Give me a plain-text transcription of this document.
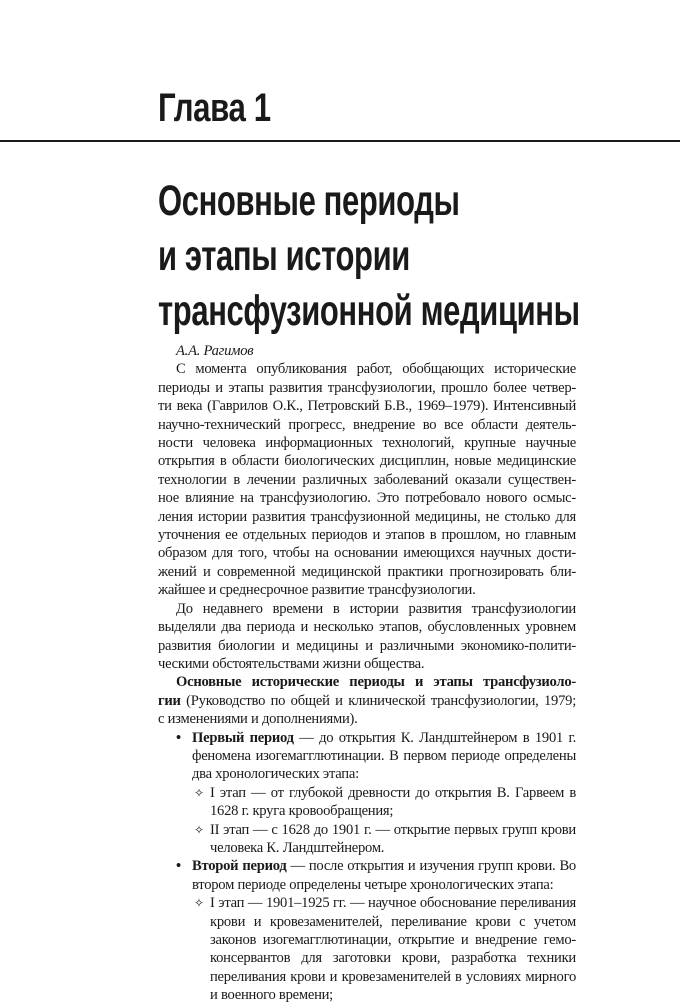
Глава 1
Основные периоды
и этапы истории
трансфузионной медицины
А.А. Рагимов
С момента опубликования работ, обобщающих исторические
периоды и этапы развития трансфузиологии, прошло более четвер-
ти века (Гаврилов О.К., Петровский Б.В., 1969–1979). Интенсивный
научно-технический прогресс, внедрение во все области деятель-
ности человека информационных технологий, крупные научные
открытия в области биологических дисциплин, новые медицинские
технологии в лечении различных заболеваний оказали существен-
ное влияние на трансфузиологию. Это потребовало нового осмыс-
ления истории развития трансфузионной медицины, не столько для
уточнения ее отдельных периодов и этапов в прошлом, но главным
образом для того, чтобы на основании имеющихся научных дости-
жений и современной медицинской практики прогнозировать бли-
жайшее и среднесрочное развитие трансфузиологии.
До недавнего времени в истории развития трансфузиологии
выделяли два периода и несколько этапов, обусловленных уровнем
развития биологии и медицины и различными экономико-полити-
ческими обстоятельствами жизни общества.
Основные исторические периоды и этапы трансфузиоло-
гии (Руководство по общей и клинической трансфузиологии, 1979;
с изменениями и дополнениями).
• Первый период — до открытия К. Ландштейнером в 1901 г.
феномена изогемагглютинации. В первом периоде определены
два хронологических этапа:
✧ I этап — от глубокой древности до открытия В. Гарвеем в
1628 г. круга кровообращения;
✧ II этап — с 1628 до 1901 г. — открытие первых групп крови
человека К. Ландштейнером.
• Второй период — после открытия и изучения групп крови. Во
втором периоде определены четыре хронологических этапа:
✧ I этап — 1901–1925 гг. — научное обоснование переливания
крови и кровезаменителей, переливание крови с учетом
законов изогемагглютинации, открытие и внедрение гемо-
консервантов для заготовки крови, разработка техники
переливания крови и кровезаменителей в условиях мирного
и военного времени;
